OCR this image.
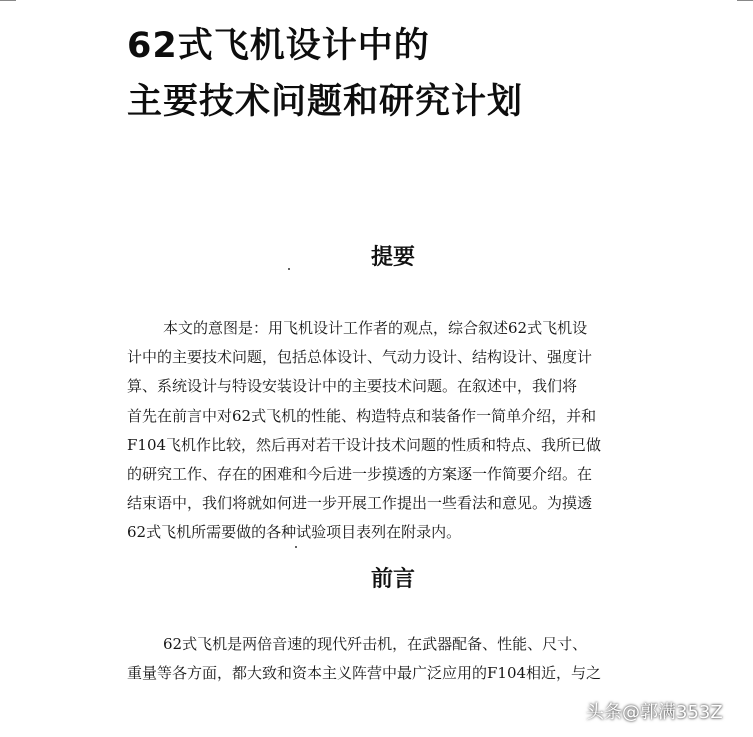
62式飞机设计中的
主要技术问题和研究计划
提要

本文的意图是：用飞机设计工作者的观点，综合叙述62式飞机设
计中的主要技术问题，包括总体设计、气动力设计、结构设计、强度计
算、系统设计与特设安装设计中的主要技术问题。在叙述中，我们将
首先在前言中对62式飞机的性能、构造特点和装备作一简单介绍，并和
F104飞机作比较，然后再对若干设计技术问题的性质和特点、我所已做
的研究工作、存在的困难和今后进一步摸透的方案逐一作简要介绍。在
结束语中，我们将就如何进一步开展工作提出一些看法和意见。为摸透
62式飞机所需要做的各种试验项目表列在附录内。

前言

62式飞机是两倍音速的现代歼击机，在武器配备、性能、尺寸、
重量等各方面，都大致和资本主义阵营中最广泛应用的F104相近，与之

头条@郭满353Z
